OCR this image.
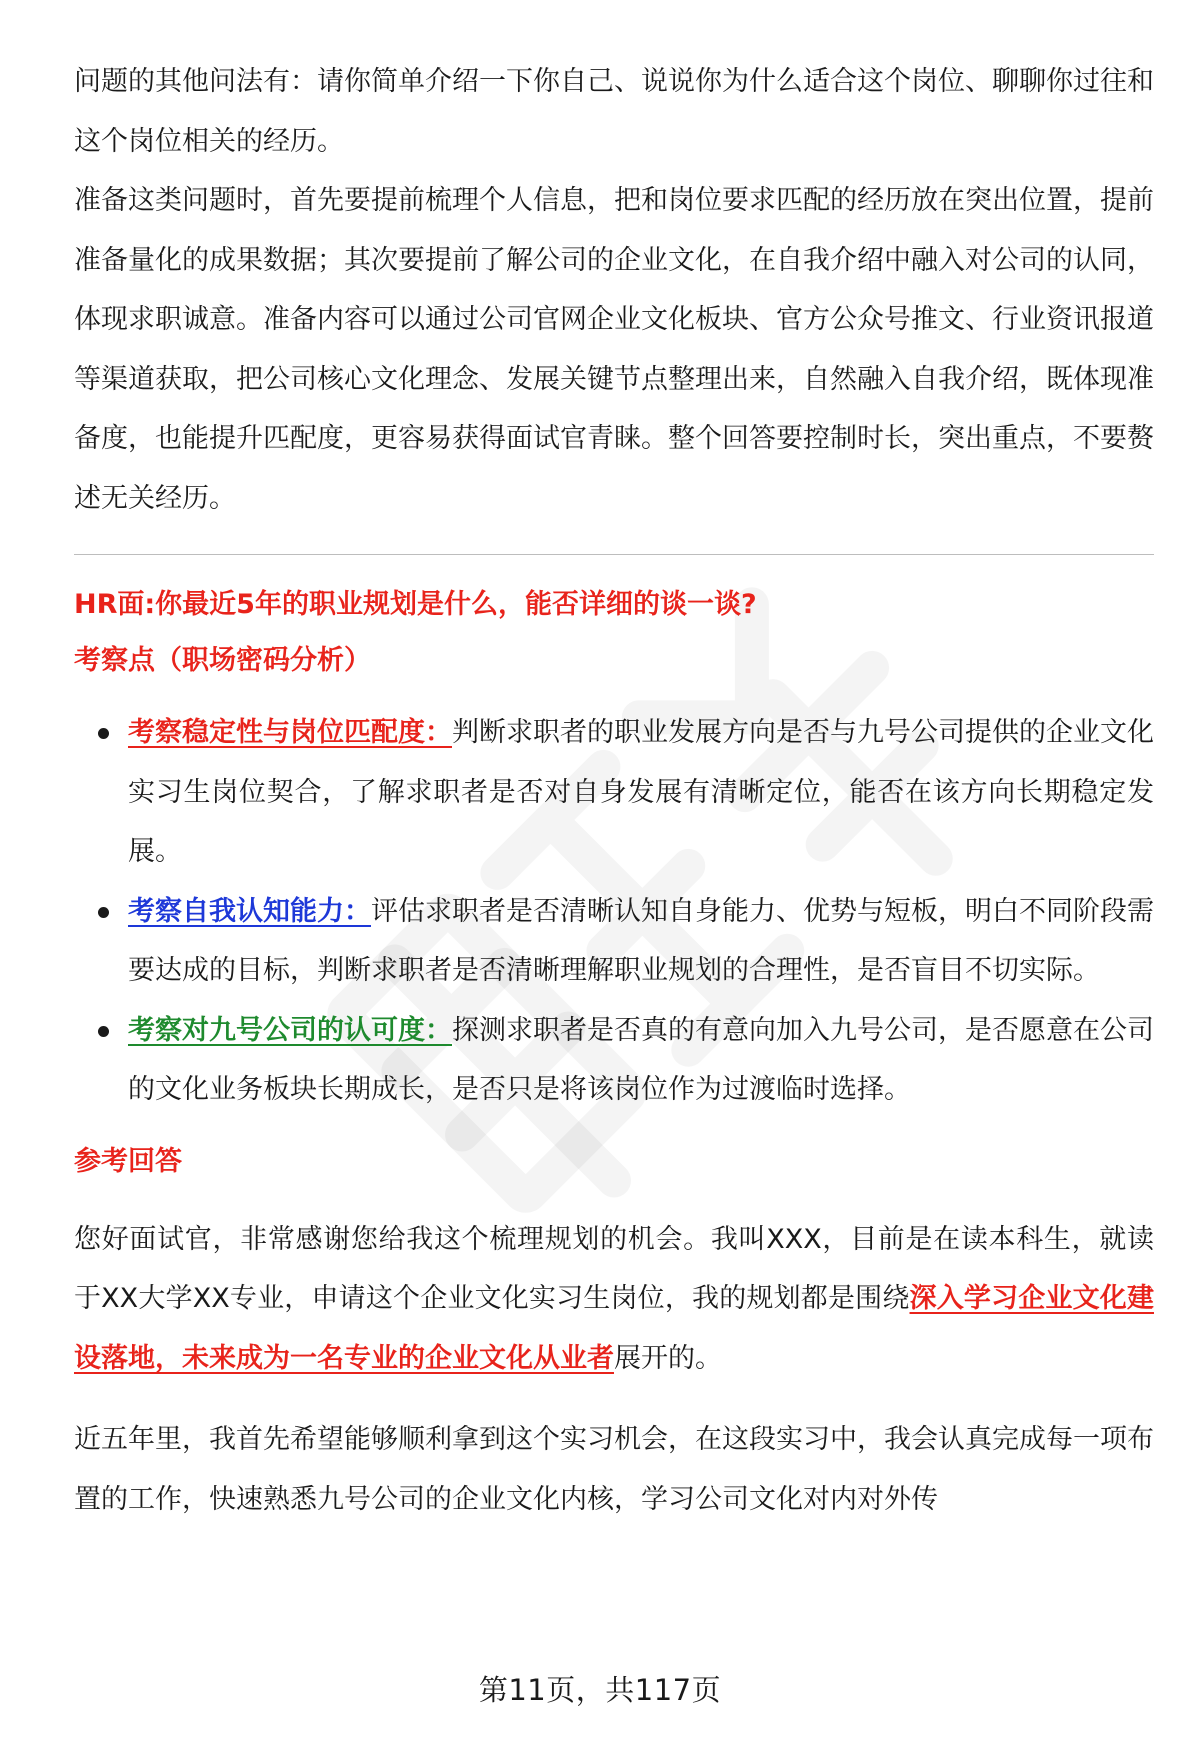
问题的其他问法有：请你简单介绍一下你自己、说说你为什么适合这个岗位、聊聊你过往和这个岗位相关的经历。

准备这类问题时，首先要提前梳理个人信息，把和岗位要求匹配的经历放在突出位置，提前准备量化的成果数据；其次要提前了解公司的企业文化，在自我介绍中融入对公司的认同，体现求职诚意。准备内容可以通过公司官网企业文化板块、官方公众号推文、行业资讯报道等渠道获取，把公司核心文化理念、发展关键节点整理出来，自然融入自我介绍，既体现准备度，也能提升匹配度，更容易获得面试官青睐。整个回答要控制时长，突出重点，不要赘述无关经历。

HR面:你最近5年的职业规划是什么，能否详细的谈一谈?

考察点（职场密码分析）

考察稳定性与岗位匹配度：判断求职者的职业发展方向是否与九号公司提供的企业文化实习生岗位契合，了解求职者是否对自身发展有清晰定位，能否在该方向长期稳定发展。
考察自我认知能力：评估求职者是否清晰认知自身能力、优势与短板，明白不同阶段需要达成的目标，判断求职者是否清晰理解职业规划的合理性，是否盲目不切实际。
考察对九号公司的认可度：探测求职者是否真的有意向加入九号公司，是否愿意在公司的文化业务板块长期成长，是否只是将该岗位作为过渡临时选择。

参考回答

您好面试官，非常感谢您给我这个梳理规划的机会。我叫XXX，目前是在读本科生，就读于XX大学XX专业，申请这个企业文化实习生岗位，我的规划都是围绕深入学习企业文化建设落地，未来成为一名专业的企业文化从业者展开的。

近五年里，我首先希望能够顺利拿到这个实习机会，在这段实习中，我会认真完成每一项布置的工作，快速熟悉九号公司的企业文化内核，学习公司文化对内对外传

第11页，共117页
